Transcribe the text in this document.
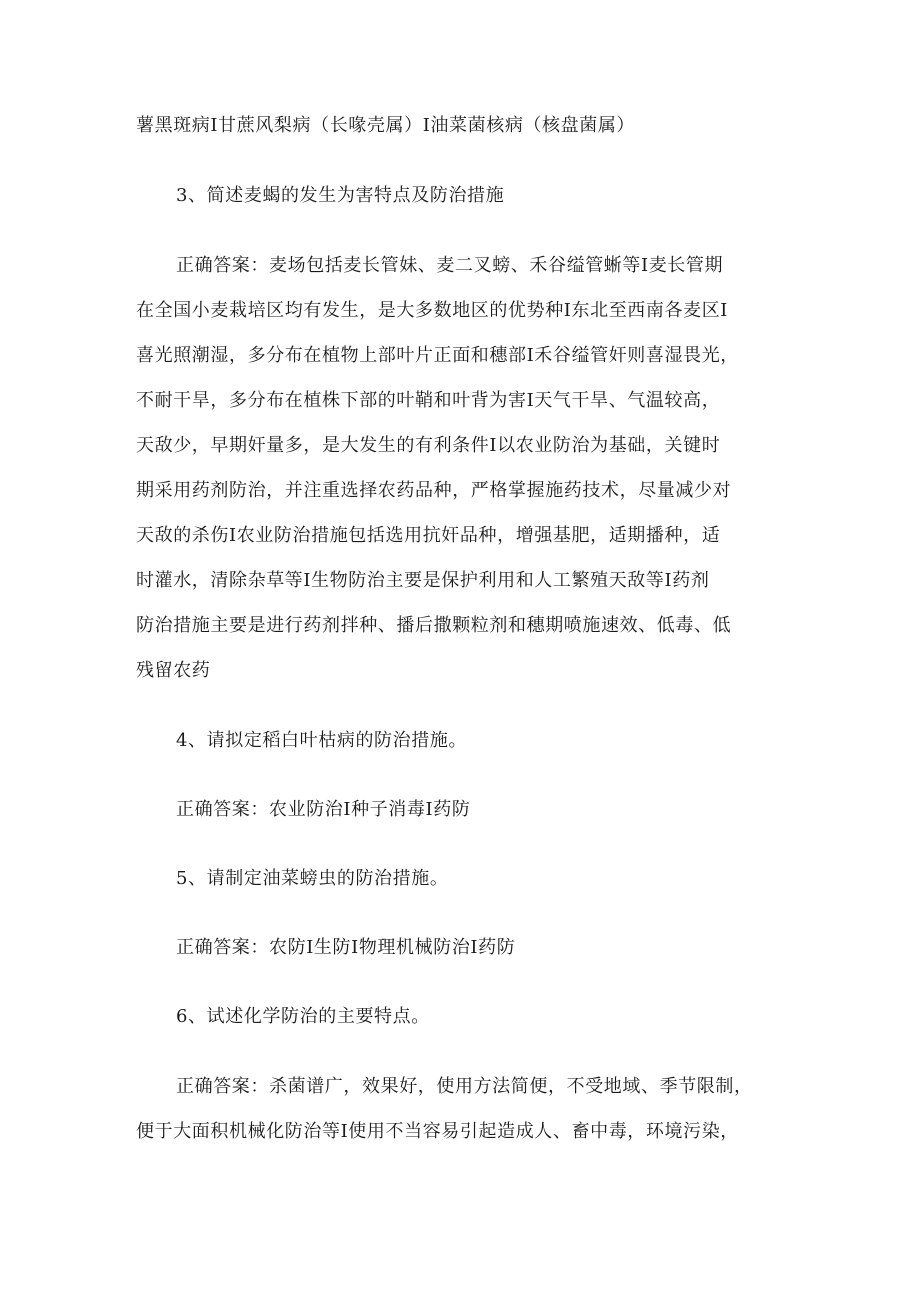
薯黑斑病Ⅰ甘蔗风梨病（长喙壳属）Ⅰ油菜菌核病（核盘菌属）
3、简述麦蝎的发生为害特点及防治措施
正确答案：麦场包括麦长管妹、麦二叉螃、禾谷缢管蜥等Ⅰ麦长管期
在全国小麦栽培区均有发生，是大多数地区的优势种Ⅰ东北至西南各麦区Ⅰ
喜光照潮湿，多分布在植物上部叶片正面和穗部Ⅰ禾谷缢管奸则喜湿畏光，
不耐干旱，多分布在植株下部的叶鞘和叶背为害Ⅰ天气干旱、气温较高，
天敌少，早期奸量多，是大发生的有利条件Ⅰ以农业防治为基础，关键时
期采用药剂防治，并注重选择农药品种，严格掌握施药技术，尽量减少对
天敌的杀伤Ⅰ农业防治措施包括选用抗奸品种，增强基肥，适期播种，适
时灌水，清除杂草等Ⅰ生物防治主要是保护利用和人工繁殖天敌等Ⅰ药剂
防治措施主要是进行药剂拌种、播后撒颗粒剂和穗期喷施速效、低毒、低
残留农药
4、请拟定稻白叶枯病的防治措施。
正确答案：农业防治Ⅰ种子消毒Ⅰ药防
5、请制定油菜螃虫的防治措施。
正确答案：农防Ⅰ生防Ⅰ物理机械防治Ⅰ药防
6、试述化学防治的主要特点。
正确答案：杀菌谱广，效果好，使用方法简便，不受地域、季节限制，
便于大面积机械化防治等Ⅰ使用不当容易引起造成人、畜中毒，环境污染，
